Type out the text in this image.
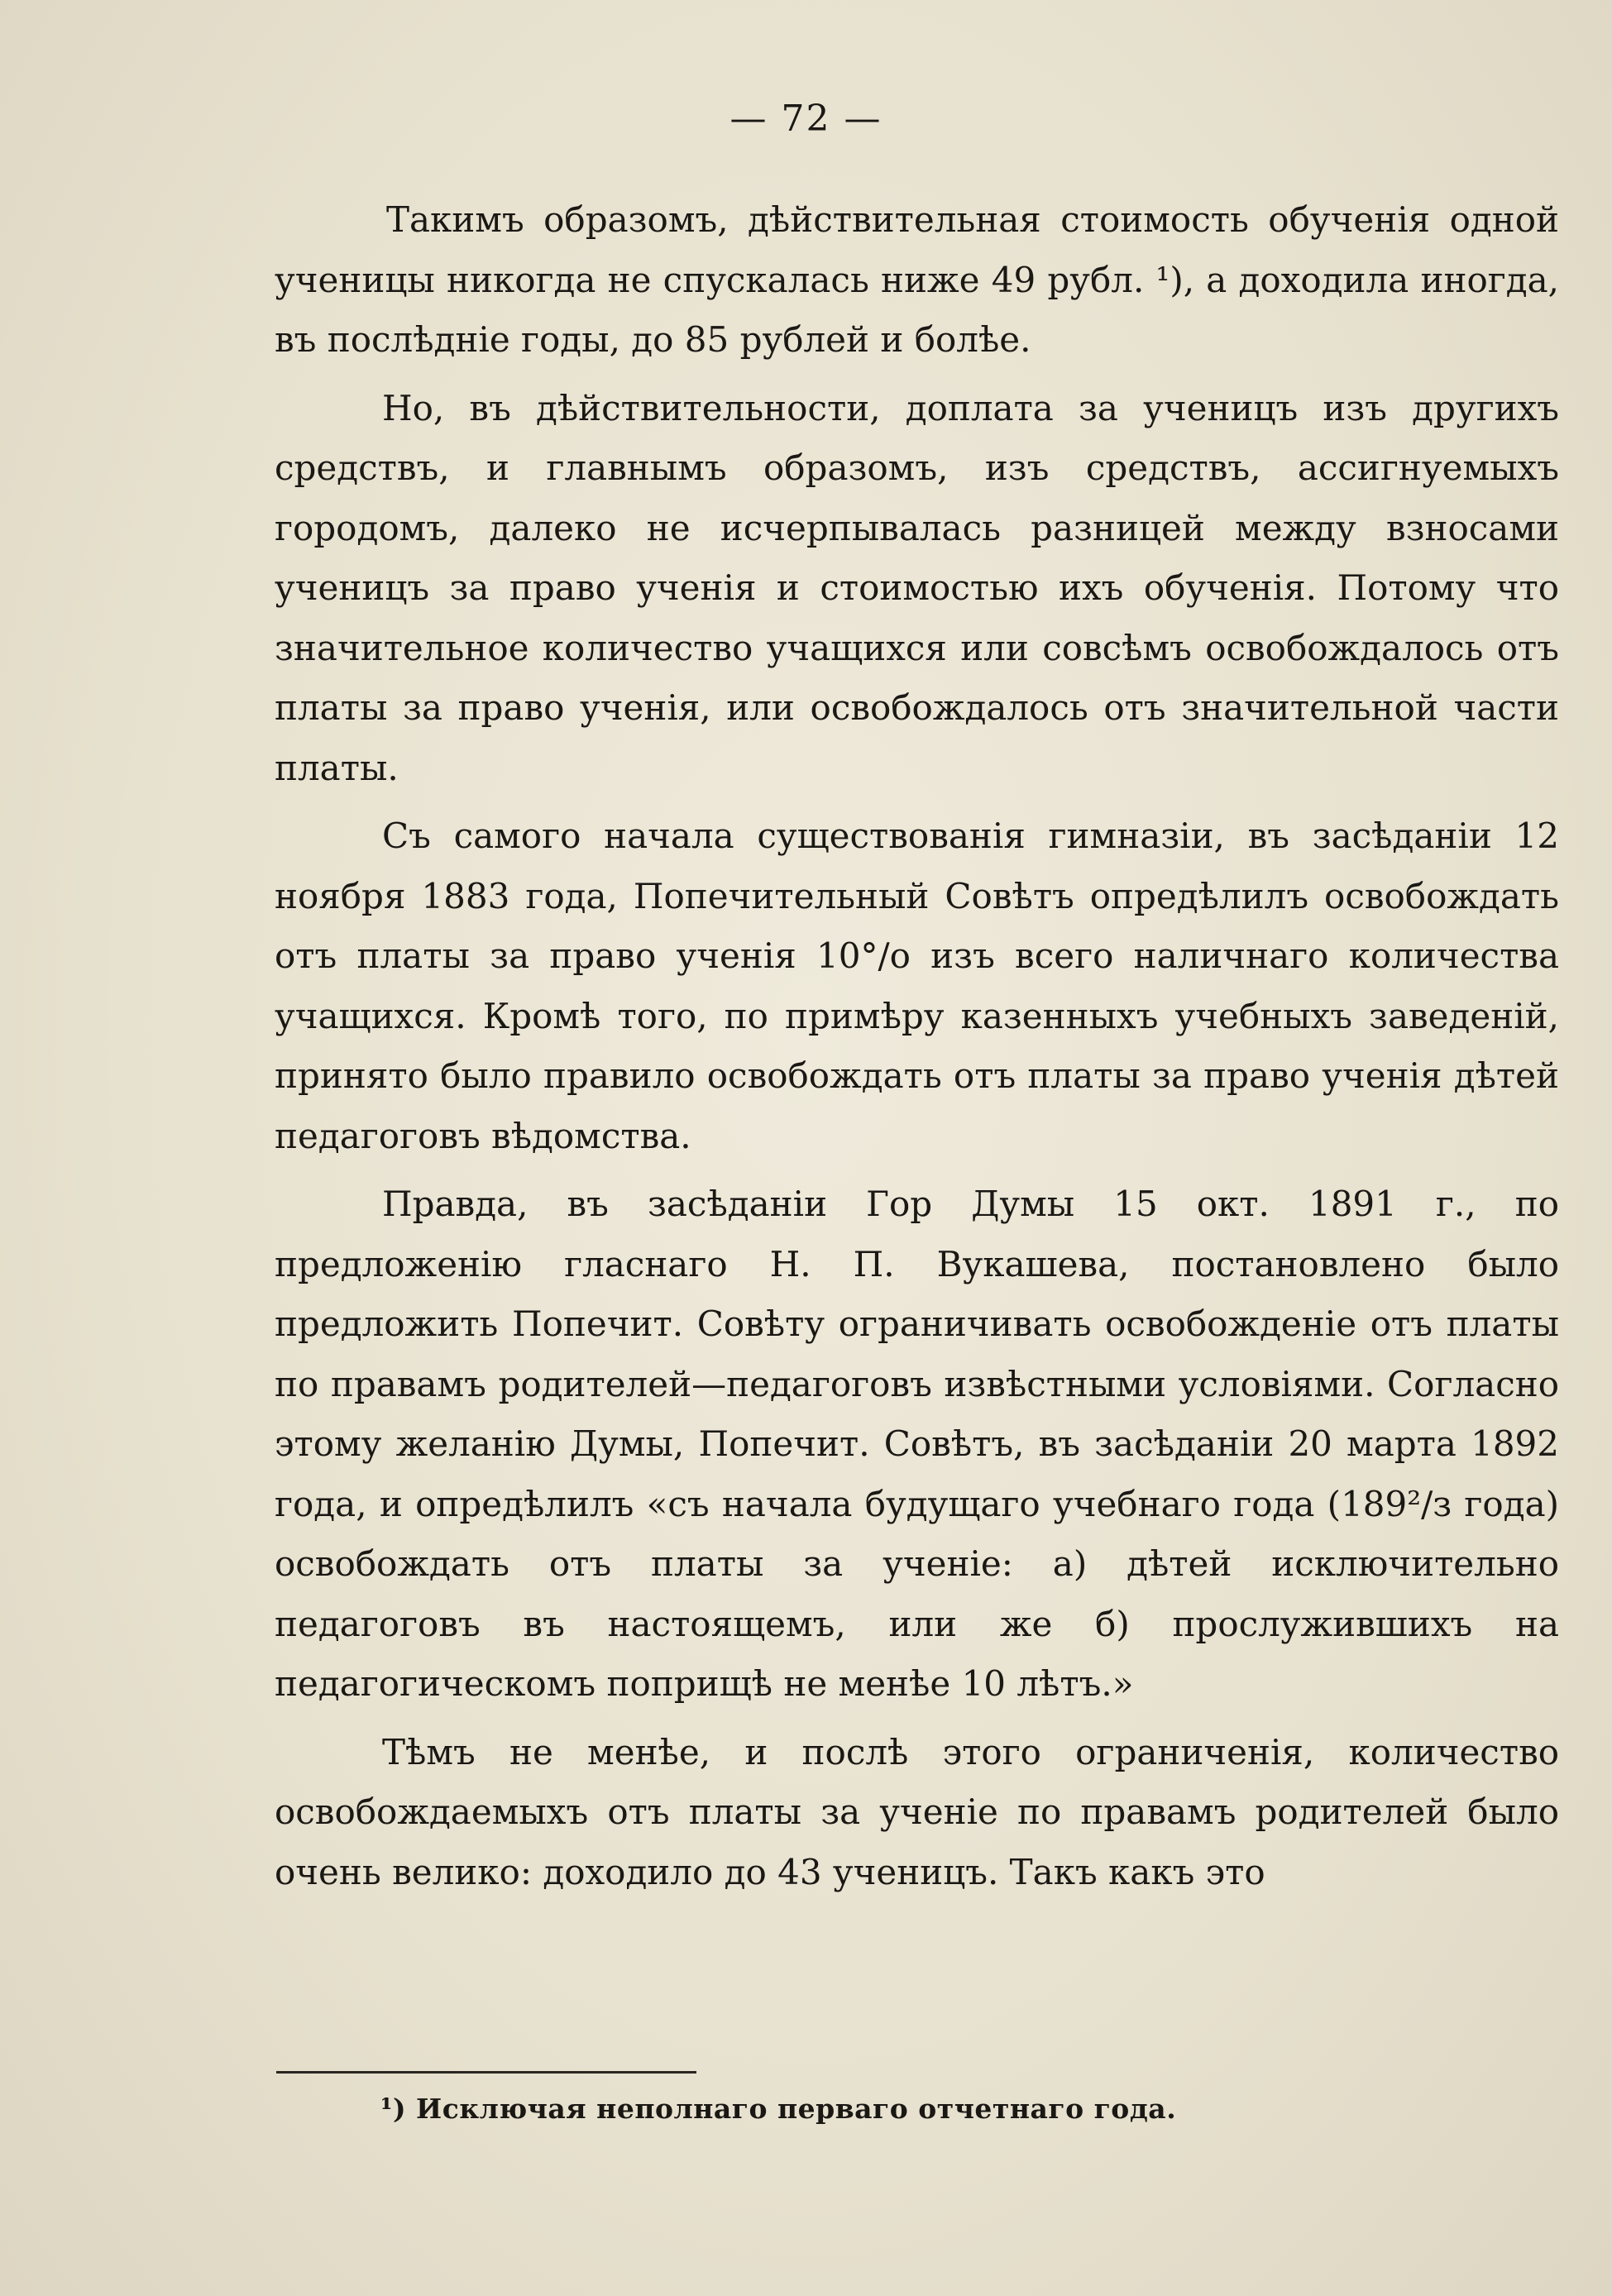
— 72 —

Такимъ образомъ, дѣйствительная стоимость обученія одной ученицы никогда не спускалась ниже 49 рубл. ¹), а доходила иногда, въ послѣдніе годы, до 85 рублей и болѣе.

Но, въ дѣйствительности, доплата за ученицъ изъ другихъ средствъ, и главнымъ образомъ, изъ средствъ, ассигнуемыхъ городомъ, далеко не исчерпывалась разницей между взносами ученицъ за право ученія и стоимостью ихъ обученія. Потому что значительное количество учащихся или совсѣмъ освобождалось отъ платы за право ученія, или освобождалось отъ значительной части платы.

Съ самого начала существованія гимназіи, въ засѣданіи 12 ноября 1883 года, Попечительный Совѣтъ опредѣлилъ освобождать отъ платы за право ученія 10°/о изъ всего наличнаго количества учащихся. Кромѣ того, по примѣру казенныхъ учебныхъ заведеній, принято было правило освобождать отъ платы за право ученія дѣтей педагоговъ вѣдомства.

Правда, въ засѣданіи Гор Думы 15 окт. 1891 г., по предложенію гласнаго Н. П. Вукашева, постановлено было предложить Попечит. Совѣту ограничивать освобожденіе отъ платы по правамъ родителей—педагоговъ извѣстными условіями. Согласно этому желанію Думы, Попечит. Совѣтъ, въ засѣданіи 20 марта 1892 года, и опредѣлилъ «съ начала будущаго учебнаго года (189²/з года) освобождать отъ платы за ученіе: а) дѣтей исключительно педагоговъ въ настоящемъ, или же б) прослужившихъ на педагогическомъ поприщѣ не менѣе 10 лѣтъ.»

Тѣмъ не менѣе, и послѣ этого ограниченія, количество освобождаемыхъ отъ платы за ученіе по правамъ родителей было очень велико: доходило до 43 ученицъ. Такъ какъ это

¹) Исключая неполнаго перваго отчетнаго года.
